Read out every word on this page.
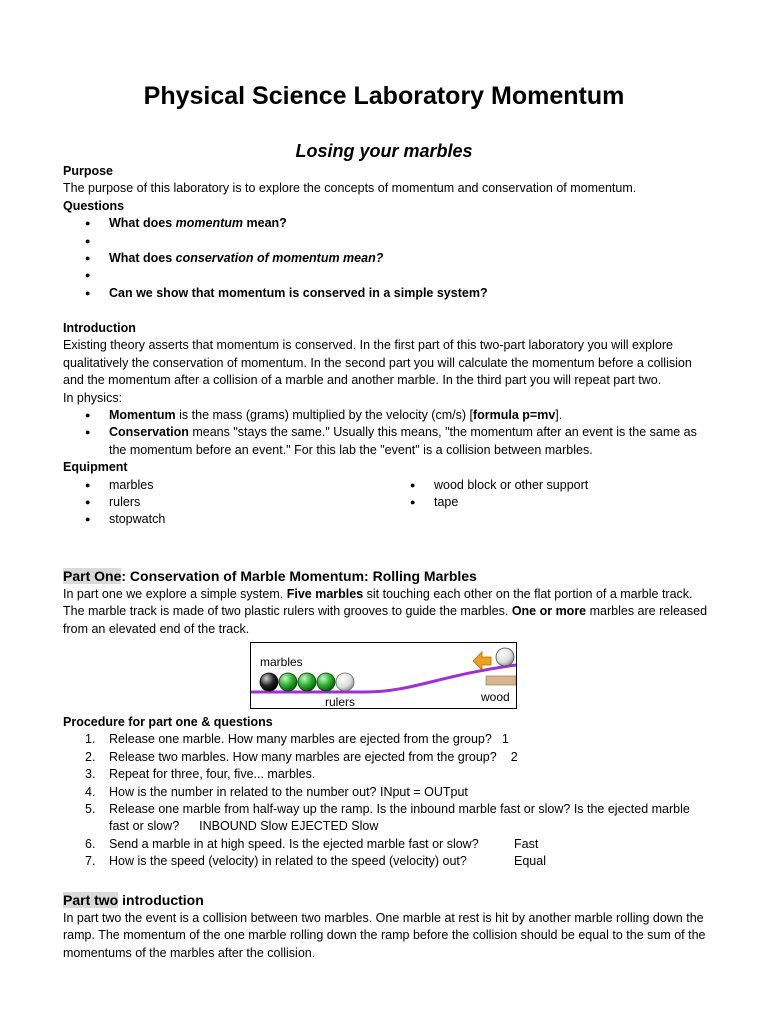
Physical Science Laboratory Momentum
Losing your marbles

Purpose

The purpose of this laboratory is to explore the concepts of momentum and conservation of momentum.

Questions

● What does momentum mean?
●
● What does conservation of momentum mean?
●
● Can we show that momentum is conserved in a simple system?

Introduction

Existing theory asserts that momentum is conserved. In the first part of this two-part laboratory you will explore qualitatively the conservation of momentum. In the second part you will calculate the momentum before a collision and the momentum after a collision of a marble and another marble. In the third part you will repeat part two.

In physics:

● Momentum is the mass (grams) multiplied by the velocity (cm/s) [formula p=mv].
● Conservation means "stays the same." Usually this means, "the momentum after an event is the same as the momentum before an event." For this lab the "event" is a collision between marbles.

Equipment

● marbles
● rulers
● stopwatch
● wood block or other support
● tape

Part One: Conservation of Marble Momentum: Rolling Marbles

In part one we explore a simple system. Five marbles sit touching each other on the flat portion of a marble track. The marble track is made of two plastic rulers with grooves to guide the marbles. One or more marbles are released from an elevated end of the track.

marbles
rulers	wood

Procedure for part one & questions

1. Release one marble. How many marbles are ejected from the group? 1
2. Release two marbles. How many marbles are ejected from the group? 2
3. Repeat for three, four, five... marbles.
4. How is the number in related to the number out? INput = OUTput
5. Release one marble from half-way up the ramp. Is the inbound marble fast or slow? Is the ejected marble fast or slow? INBOUND Slow EJECTED Slow
6. Send a marble in at high speed. Is the ejected marble fast or slow?	Fast
7. How is the speed (velocity) in related to the speed (velocity) out?	Equal

Part two introduction

In part two the event is a collision between two marbles. One marble at rest is hit by another marble rolling down the ramp. The momentum of the one marble rolling down the ramp before the collision should be equal to the sum of the momentums of the marbles after the collision.
